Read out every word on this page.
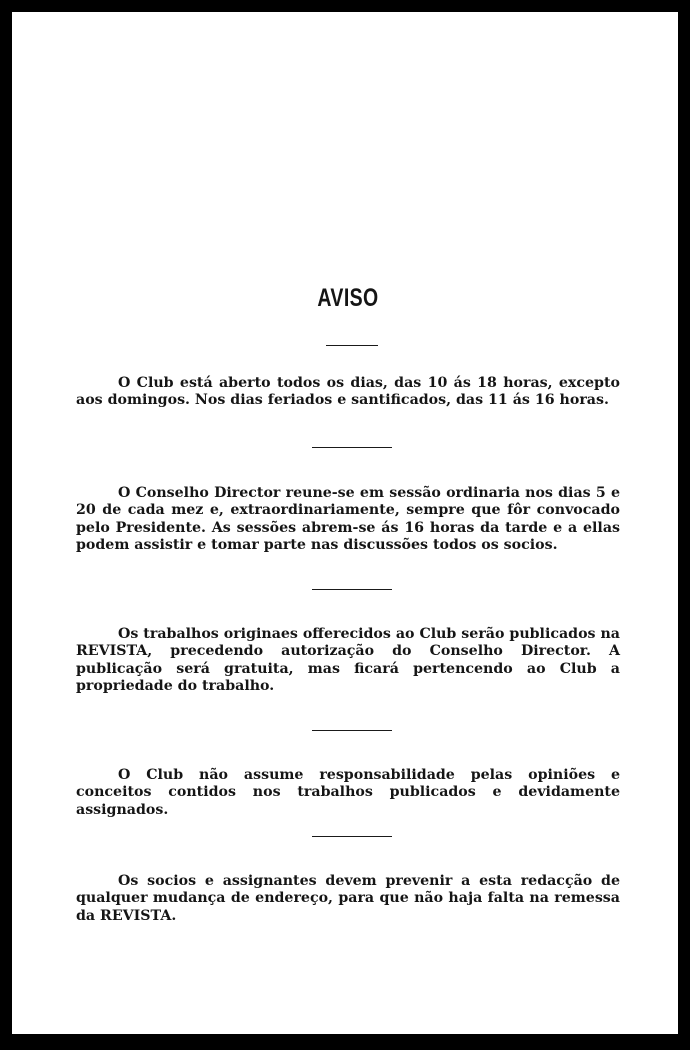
AVISO

O Club está aberto todos os dias, das 10 ás 18 horas, excepto aos domingos. Nos dias feriados e santificados, das 11 ás 16 horas.

O Conselho Director reune-se em sessão ordinaria nos dias 5 e 20 de cada mez e, extraordinariamente, sempre que fôr convocado pelo Presidente. As sessões abrem-se ás 16 horas da tarde e a ellas podem assistir e tomar parte nas discussões todos os socios.

Os trabalhos originaes offerecidos ao Club serão publicados na REVISTA, precedendo autorização do Conselho Director. A publicação será gratuita, mas ficará pertencendo ao Club a propriedade do trabalho.

O Club não assume responsabilidade pelas opiniões e conceitos contidos nos trabalhos publicados e devidamente assignados.

Os socios e assignantes devem prevenir a esta redacção de qualquer mudança de endereço, para que não haja falta na remessa da REVISTA.
